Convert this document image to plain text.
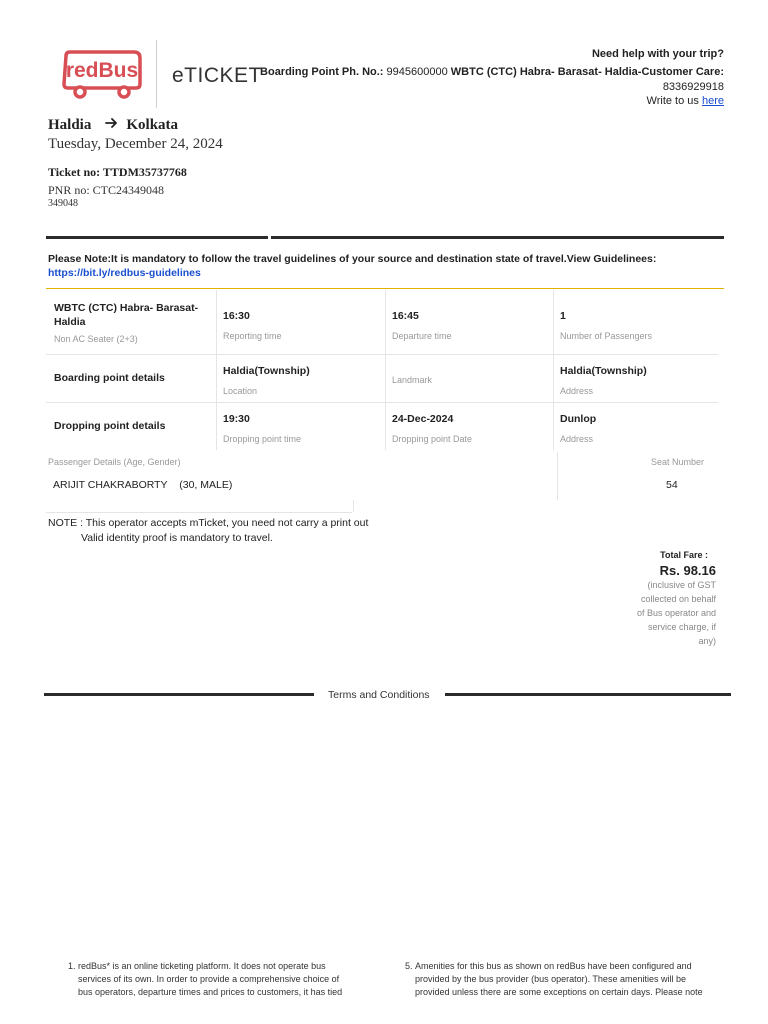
redBus eTICKET
Need help with your trip?
Boarding Point Ph. No.: 9945600000 WBTC (CTC) Habra- Barasat- Haldia-Customer Care:
8336929918
Write to us here
Haldia Kolkata
Tuesday, December 24, 2024
Ticket no: TTDM35737768
PNR no: CTC24349048
349048
Please Note:It is mandatory to follow the travel guidelines of your source and destination state of travel.View Guidelinees:
https://bit.ly/redbus-guidelines
WBTC (CTC) Habra- Barasat- Haldia
Non AC Seater (2+3)
16:30
Reporting time
16:45
Departure time
1
Number of Passengers
Boarding point details
Haldia(Township)
Location
Landmark
Haldia(Township)
Address
Dropping point details
19:30
Dropping point time
24-Dec-2024
Dropping point Date
Dunlop
Address
Passenger Details (Age, Gender)	Seat Number
ARIJIT CHAKRABORTY (30, MALE)	54
NOTE : This operator accepts mTicket, you need not carry a print out
Valid identity proof is mandatory to travel.
Total Fare :
Rs. 98.16
(inclusive of GST collected on behalf of Bus operator and service charge, if any)
Terms and Conditions
1. redBus* is an online ticketing platform. It does not operate bus services of its own. In order to provide a comprehensive choice of bus operators, departure times and prices to customers, it has tied
5. Amenities for this bus as shown on redBus have been configured and provided by the bus provider (bus operator). These amenities will be provided unless there are some exceptions on certain days. Please note
